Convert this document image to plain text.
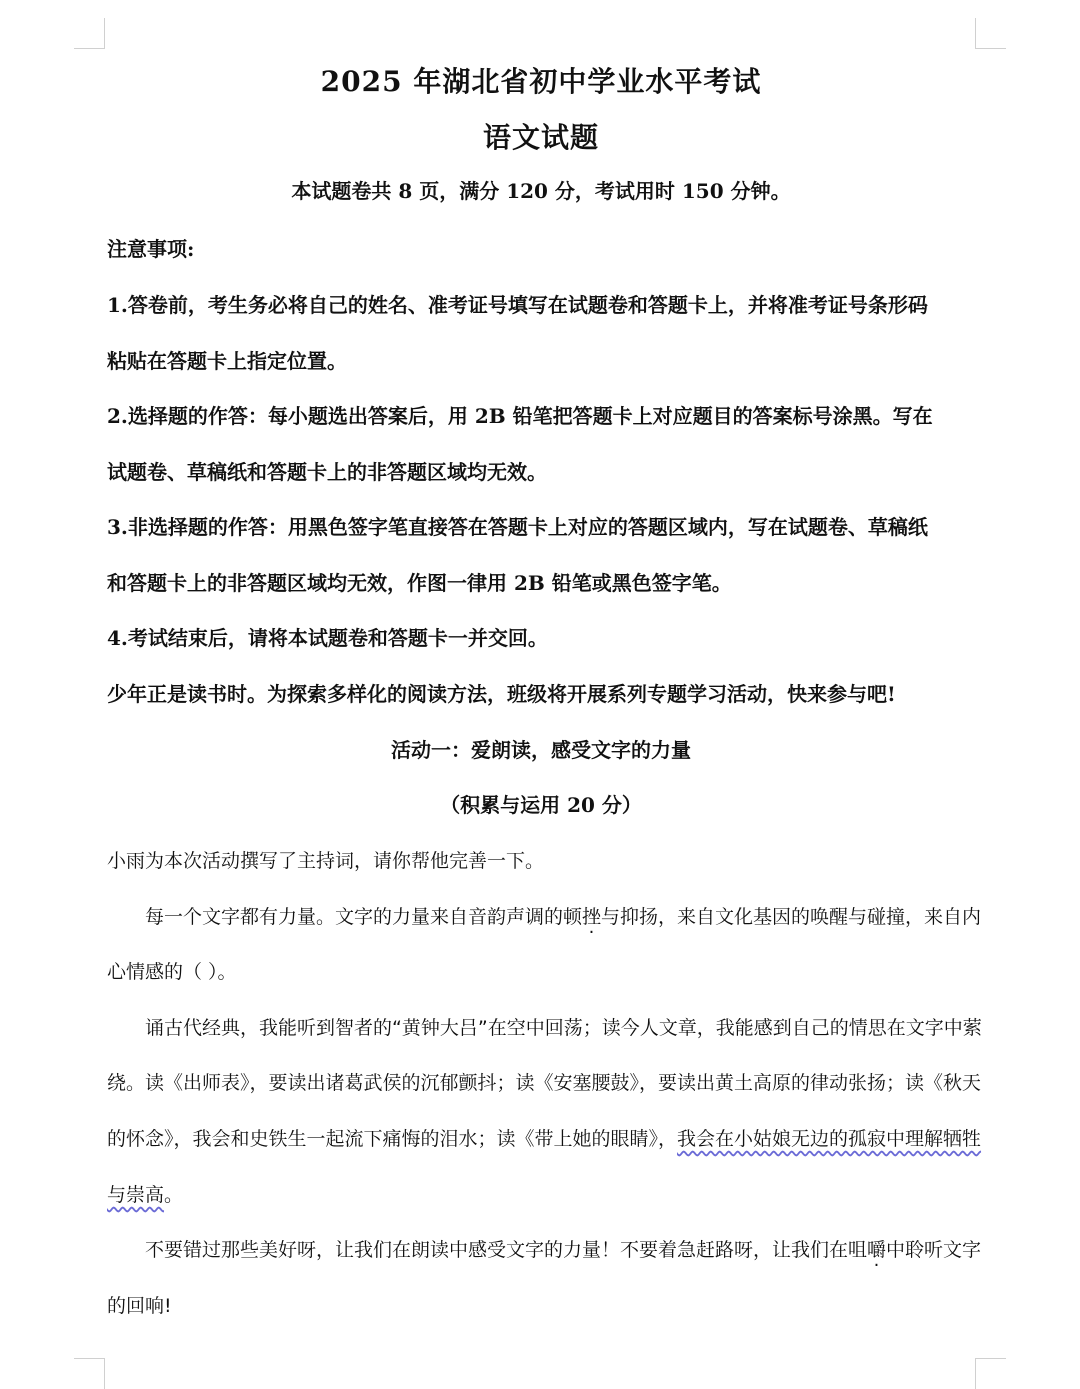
2025 年湖北省初中学业水平考试
语文试题
本试题卷共 8 页，满分 120 分，考试用时 150 分钟。
注意事项:
1.答卷前，考生务必将自己的姓名、准考证号填写在试题卷和答题卡上，并将准考证号条形码
粘贴在答题卡上指定位置。
2.选择题的作答：每小题选出答案后，用 2B 铅笔把答题卡上对应题目的答案标号涂黑。写在
试题卷、草稿纸和答题卡上的非答题区域均无效。
3.非选择题的作答：用黑色签字笔直接答在答题卡上对应的答题区域内，写在试题卷、草稿纸
和答题卡上的非答题区域均无效，作图一律用 2B 铅笔或黑色签字笔。
4.考试结束后，请将本试题卷和答题卡一并交回。
少年正是读书时。为探索多样化的阅读方法，班级将开展系列专题学习活动，快来参与吧!
活动一：爱朗读，感受文字的力量
（积累与运用 20 分）
小雨为本次活动撰写了主持词，请你帮他完善一下。
每一个文字都有力量。文字的力量来自音韵声调的顿挫与抑扬，来自文化基因的唤醒与碰撞，来自内
心情感的（ ）。
诵古代经典，我能听到智者的“黄钟大吕”在空中回荡；读今人文章，我能感到自己的情思在文字中萦
绕。读《出师表》，要读出诸葛武侯的沉郁颤抖；读《安塞腰鼓》，要读出黄土高原的律动张扬；读《秋天
的怀念》，我会和史铁生一起流下痛悔的泪水；读《带上她的眼睛》，我会在小姑娘无边的孤寂中理解牺牲
与崇高。
不要错过那些美好呀，让我们在朗读中感受文字的力量！不要着急赶路呀，让我们在咀嚼中聆听文字
的回响!
